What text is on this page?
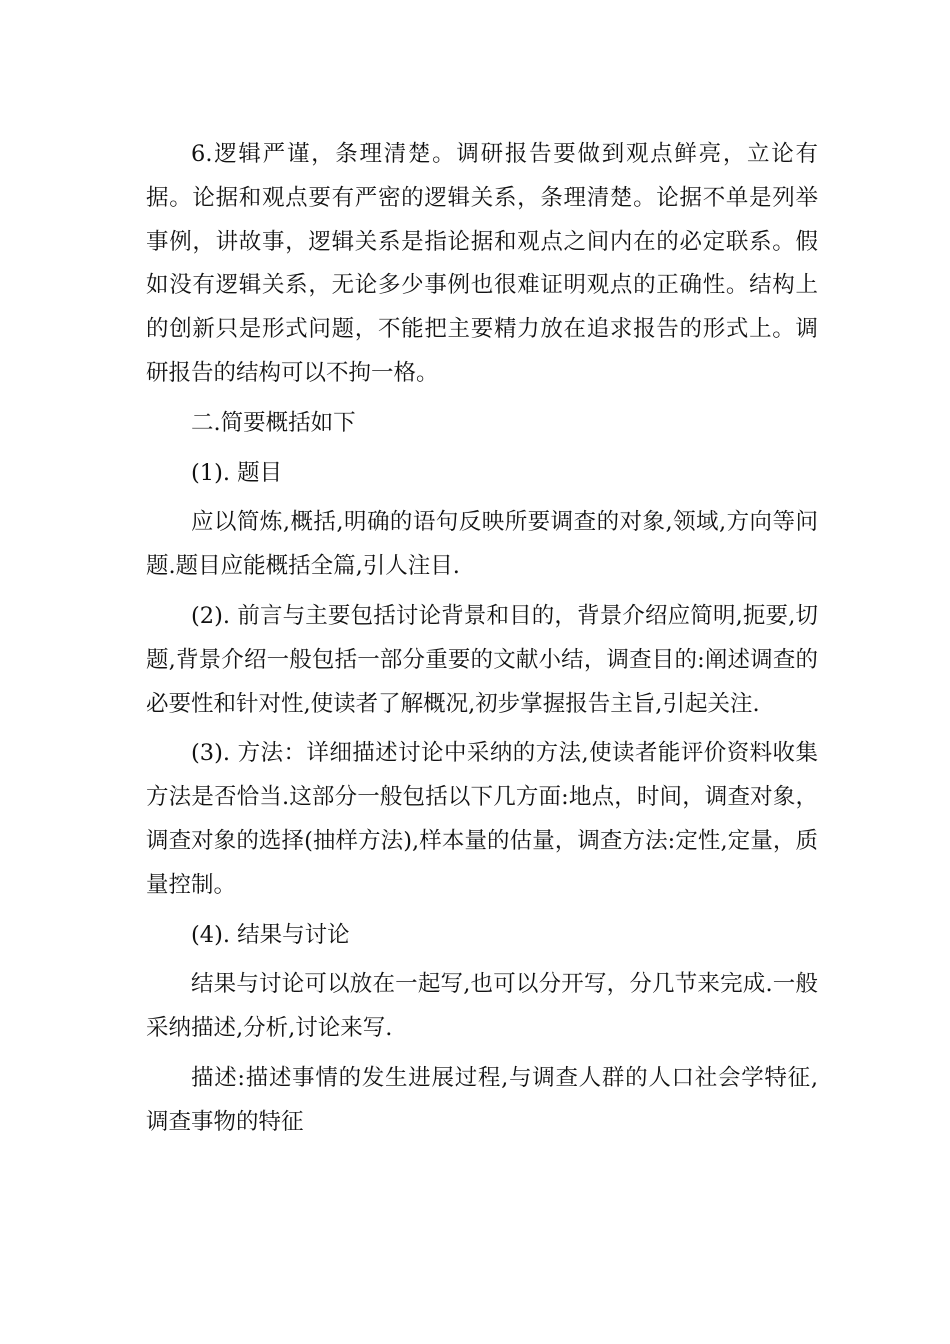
6.逻辑严谨，条理清楚。调研报告要做到观点鲜亮，立论有据。论据和观点要有严密的逻辑关系，条理清楚。论据不单是列举事例，讲故事，逻辑关系是指论据和观点之间内在的必定联系。假如没有逻辑关系，无论多少事例也很难证明观点的正确性。结构上的创新只是形式问题，不能把主要精力放在追求报告的形式上。调研报告的结构可以不拘一格。

二.简要概括如下

(1). 题目

应以简炼,概括,明确的语句反映所要调查的对象,领域,方向等问题.题目应能概括全篇,引人注目.

(2). 前言与主要包括讨论背景和目的，背景介绍应简明,扼要,切题,背景介绍一般包括一部分重要的文献小结，调查目的:阐述调查的必要性和针对性,使读者了解概况,初步掌握报告主旨,引起关注.

(3). 方法：详细描述讨论中采纳的方法,使读者能评价资料收集方法是否恰当.这部分一般包括以下几方面:地点，时间，调查对象，调查对象的选择(抽样方法),样本量的估量，调查方法:定性,定量，质量控制。

(4). 结果与讨论

结果与讨论可以放在一起写,也可以分开写，分几节来完成.一般采纳描述,分析,讨论来写.

描述:描述事情的发生进展过程,与调查人群的人口社会学特征,调查事物的特征
